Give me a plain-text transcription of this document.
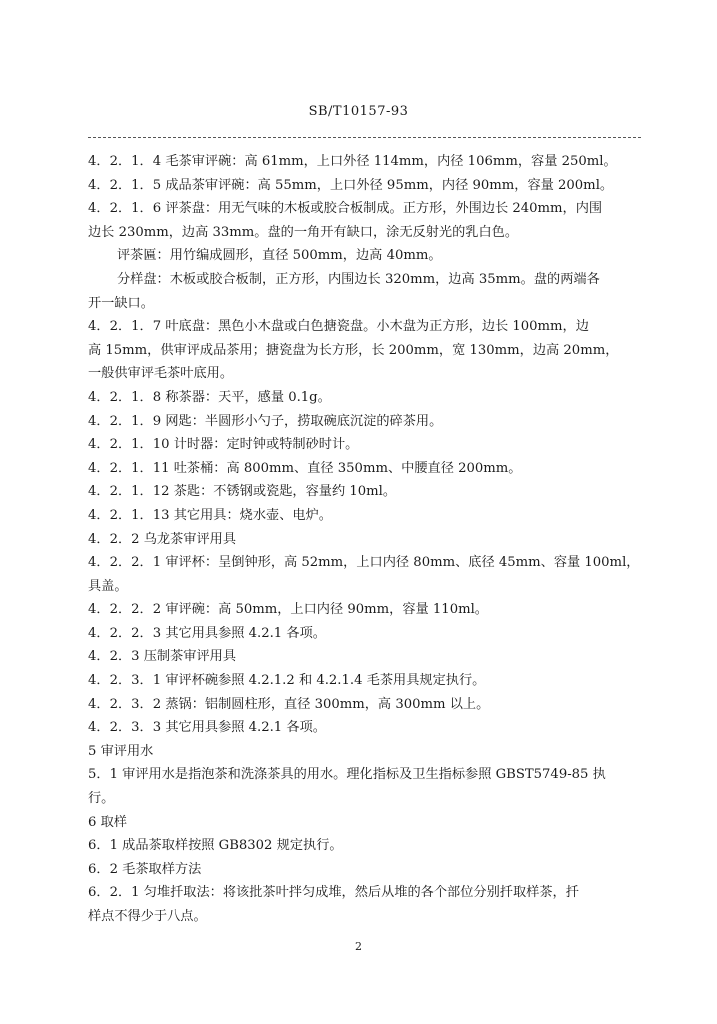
SB/T10157-93
4．2．1．4 毛茶审评碗：高 61mm，上口外径 114mm，内径 106mm，容量 250ml。
4．2．1．5 成品茶审评碗：高 55mm，上口外径 95mm，内径 90mm，容量 200ml。
4．2．1．6 评茶盘：用无气味的木板或胶合板制成。正方形，外围边长 240mm，内围
边长 230mm，边高 33mm。盘的一角开有缺口，涂无反射光的乳白色。
评茶匾：用竹编成圆形，直径 500mm，边高 40mm。
分样盘：木板或胶合板制，正方形，内围边长 320mm，边高 35mm。盘的两端各
开一缺口。
4．2．1．7 叶底盘：黑色小木盘或白色搪瓷盘。小木盘为正方形，边长 100mm，边
高 15mm，供审评成品茶用；搪瓷盘为长方形，长 200mm，宽 130mm，边高 20mm，
一般供审评毛茶叶底用。
4．2．1．8 称茶器：天平，感量 0.1g。
4．2．1．9 网匙：半圆形小勺子，捞取碗底沉淀的碎茶用。
4．2．1．10 计时器：定时钟或特制砂时计。
4．2．1．11 吐茶桶：高 800mm、直径 350mm、中腰直径 200mm。
4．2．1．12 茶匙：不锈钢或瓷匙，容量约 10ml。
4．2．1．13 其它用具：烧水壶、电炉。
4．2．2 乌龙茶审评用具
4．2．2．1 审评杯：呈倒钟形，高 52mm，上口内径 80mm、底径 45mm、容量 100ml，
具盖。
4．2．2．2 审评碗：高 50mm，上口内径 90mm，容量 110ml。
4．2．2．3 其它用具参照 4.2.1 各项。
4．2．3 压制茶审评用具
4．2．3．1 审评杯碗参照 4.2.1.2 和 4.2.1.4 毛茶用具规定执行。
4．2．3．2 蒸锅：铝制圆柱形，直径 300mm，高 300mm 以上。
4．2．3．3 其它用具参照 4.2.1 各项。
5 审评用水
5．1 审评用水是指泡茶和洗涤茶具的用水。理化指标及卫生指标参照 GBST5749-85 执
行。
6 取样
6．1 成品茶取样按照 GB8302 规定执行。
6．2 毛茶取样方法
6．2．1 匀堆扦取法：将该批茶叶拌匀成堆，然后从堆的各个部位分别扦取样茶，扦
样点不得少于八点。
2
